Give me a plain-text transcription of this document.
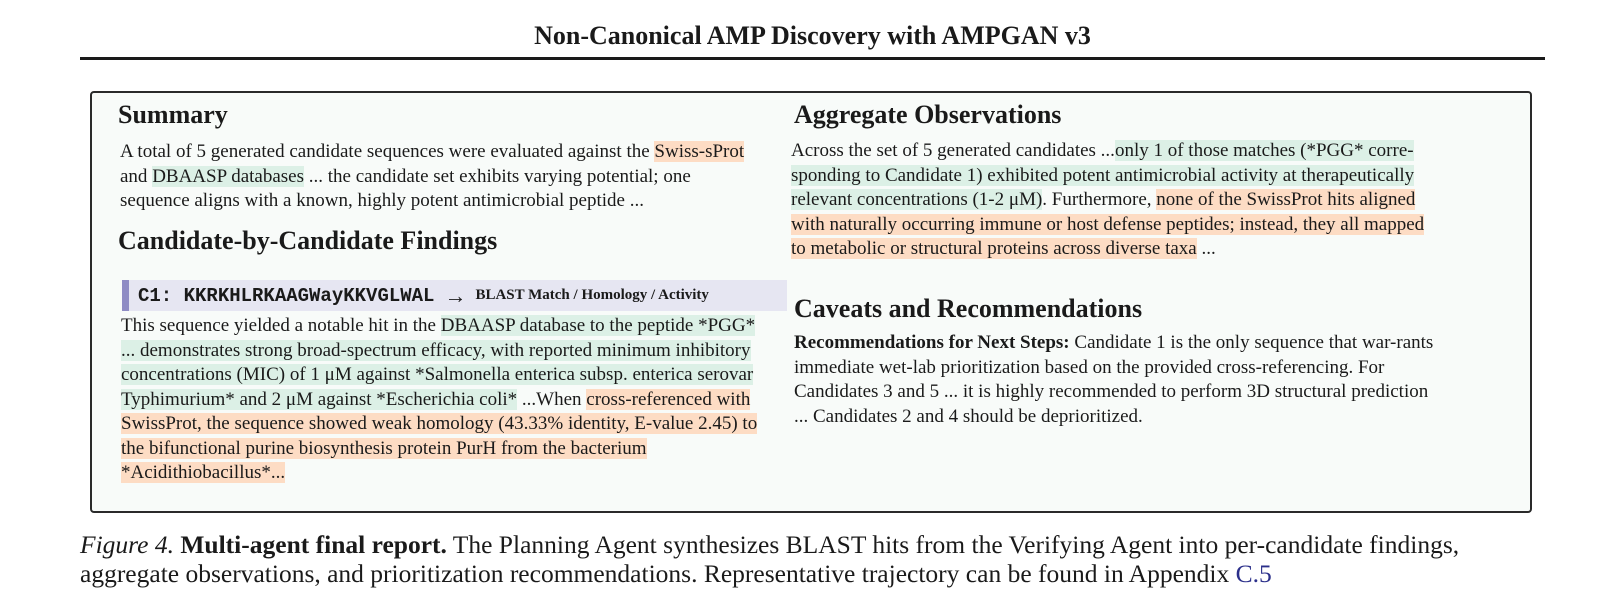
Non-Canonical AMP Discovery with AMPGAN v3
Summary

A total of 5 generated candidate sequences were evaluated against the Swiss-sProt and DBAASP databases ... the candidate set exhibits varying potential; one sequence aligns with a known, highly potent antimicrobial peptide ...

Candidate-by-Candidate Findings
C1: KKRKHLRKAAGWayKKVGLWAL → BLAST Match / Homology / Activity

This sequence yielded a notable hit in the DBAASP database to the peptide *PGG* ... demonstrates strong broad-spectrum efficacy, with reported minimum inhibitory concentrations (MIC) of 1 μM against *Salmonella enterica subsp. enterica serovar Typhimurium* and 2 μM against *Escherichia coli* ...When cross-referenced with SwissProt, the sequence showed weak homology (43.33% identity, E-value 2.45) to the bifunctional purine biosynthesis protein PurH from the bacterium *Acidithiobacillus*...

Aggregate Observations

Across the set of 5 generated candidates ...only 1 of those matches (*PGG* corre-sponding to Candidate 1) exhibited potent antimicrobial activity at therapeutically relevant concentrations (1-2 μM). Furthermore, none of the SwissProt hits aligned with naturally occurring immune or host defense peptides; instead, they all mapped to metabolic or structural proteins across diverse taxa ...

Caveats and Recommendations

Recommendations for Next Steps: Candidate 1 is the only sequence that war-rants immediate wet-lab prioritization based on the provided cross-referencing. For Candidates 3 and 5 ... it is highly recommended to perform 3D structural prediction ... Candidates 2 and 4 should be deprioritized.

Figure 4. Multi-agent final report. The Planning Agent synthesizes BLAST hits from the Verifying Agent into per-candidate findings, aggregate observations, and prioritization recommendations. Representative trajectory can be found in Appendix C.5
